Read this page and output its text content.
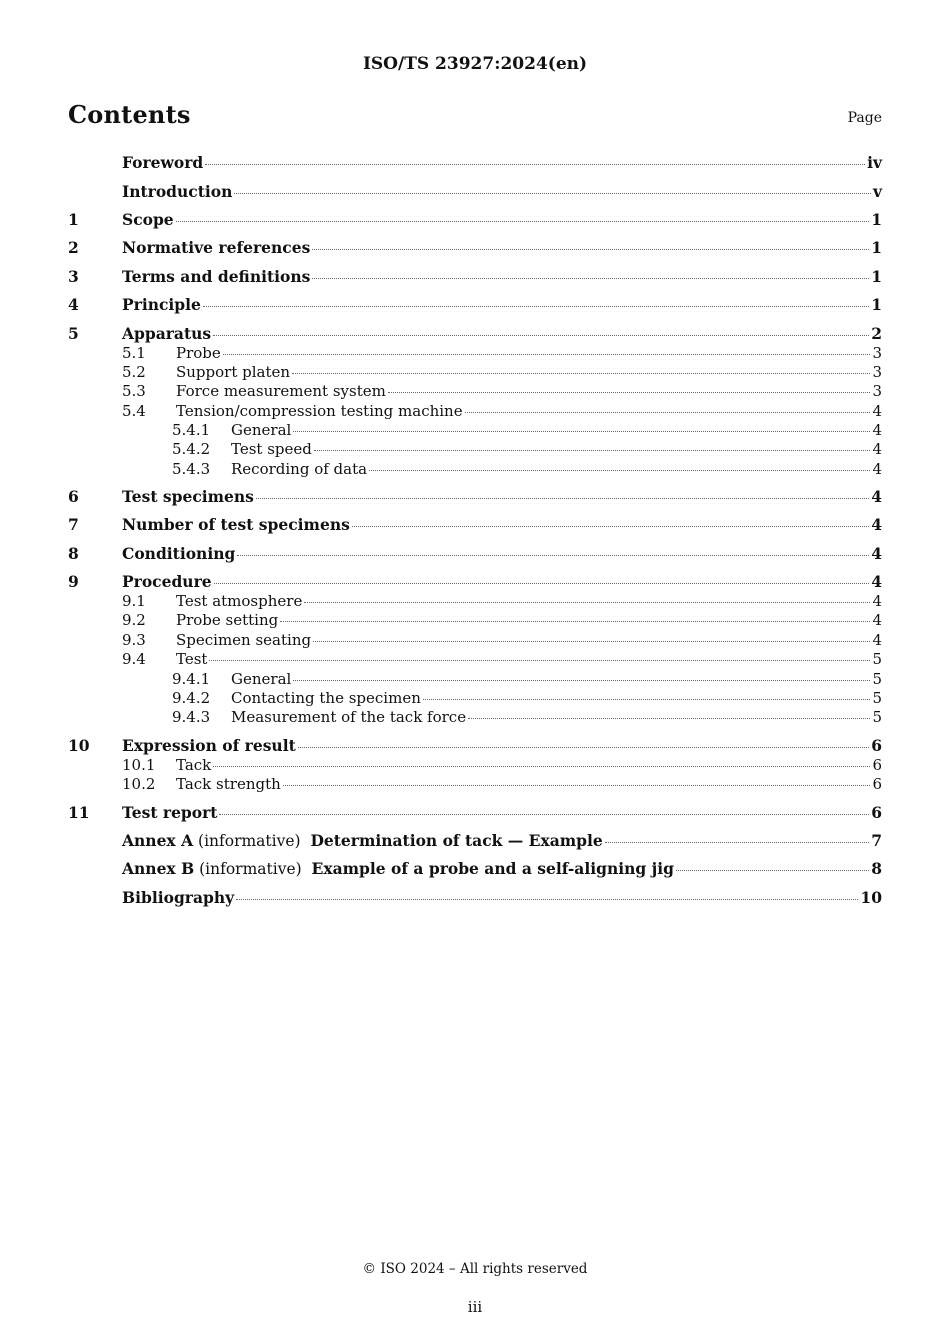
ISO/TS 23927:2024(en)
Contents	Page
Foreword	iv
Introduction	v
1	Scope	1
2	Normative references	1
3	Terms and definitions	1
4	Principle	1
5	Apparatus	2
5.1	Probe	3
5.2	Support platen	3
5.3	Force measurement system	3
5.4	Tension/compression testing machine	4
5.4.1	General	4
5.4.2	Test speed	4
5.4.3	Recording of data	4
6	Test specimens	4
7	Number of test specimens	4
8	Conditioning	4
9	Procedure	4
9.1	Test atmosphere	4
9.2	Probe setting	4
9.3	Specimen seating	4
9.4	Test	5
9.4.1	General	5
9.4.2	Contacting the specimen	5
9.4.3	Measurement of the tack force	5
10	Expression of result	6
10.1	Tack	6
10.2	Tack strength	6
11	Test report	6
Annex A (informative)  Determination of tack — Example	7
Annex B (informative)  Example of a probe and a self-aligning jig	8
Bibliography	10
© ISO 2024 – All rights reserved
iii
